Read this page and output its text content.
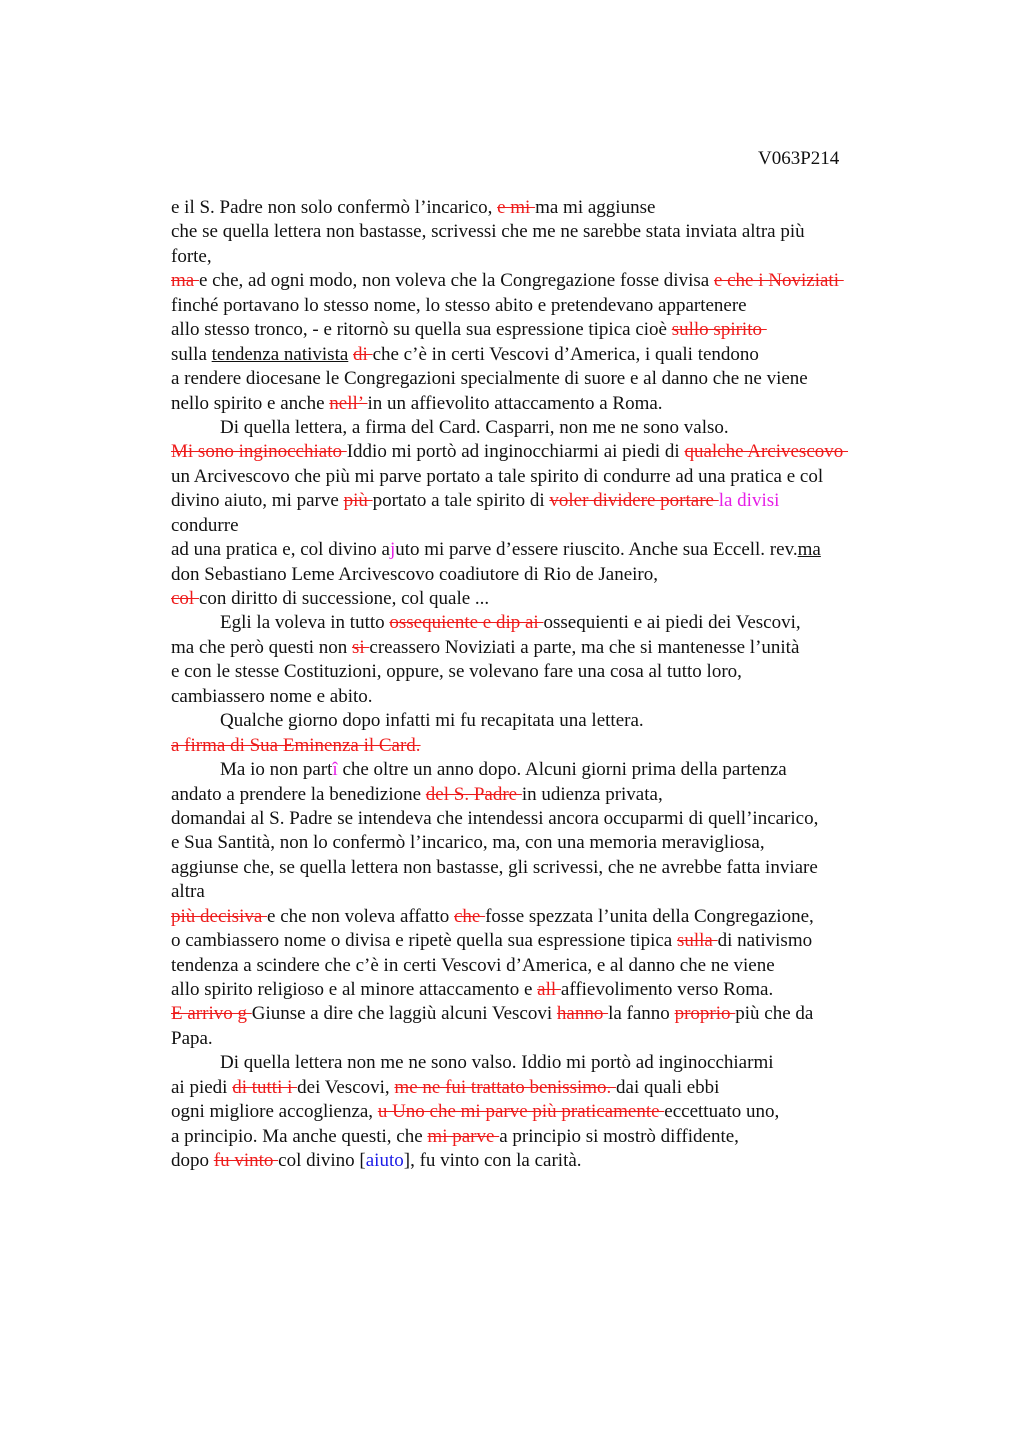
V063P214
e il S. Padre non solo confermò l’incarico, e mi ma mi aggiunse
che se quella lettera non bastasse, scrivessi che me ne sarebbe stata inviata altra più
forte,
ma e che, ad ogni modo, non voleva che la Congregazione fosse divisa e che i Noviziati
finché portavano lo stesso nome, lo stesso abito e pretendevano appartenere
allo stesso tronco, - e ritornò su quella sua espressione tipica cioè sullo spirito
sulla tendenza nativista di che c’è in certi Vescovi d’America, i quali tendono
a rendere diocesane le Congregazioni specialmente di suore e al danno che ne viene
nello spirito e anche nell’ in un affievolito attaccamento a Roma.
Di quella lettera, a firma del Card. Casparri, non me ne sono valso.
Mi sono inginocchiato Iddio mi portò ad inginocchiarmi ai piedi di qualche Arcivescovo
un Arcivescovo che più mi parve portato a tale spirito di condurre ad una pratica e col
divino aiuto, mi parve più portato a tale spirito di voler dividere portare la divisi
condurre
ad una pratica e, col divino ajuto mi parve d’essere riuscito. Anche sua Eccell. rev.ma
don Sebastiano Leme Arcivescovo coadiutore di Rio de Janeiro,
col con diritto di successione, col quale ...
Egli la voleva in tutto ossequiente e dip ai ossequienti e ai piedi dei Vescovi,
ma che però questi non si creassero Noviziati a parte, ma che si mantenesse l’unità
e con le stesse Costituzioni, oppure, se volevano fare una cosa al tutto loro,
cambiassero nome e abito.
Qualche giorno dopo infatti mi fu recapitata una lettera.
a firma di Sua Eminenza il Card.
Ma io non partî che oltre un anno dopo. Alcuni giorni prima della partenza
andato a prendere la benedizione del S. Padre in udienza privata,
domandai al S. Padre se intendeva che intendessi ancora occuparmi di quell’incarico,
e Sua Santità, non lo confermò l’incarico, ma, con una memoria meravigliosa,
aggiunse che, se quella lettera non bastasse, gli scrivessi, che ne avrebbe fatta inviare
altra
più decisiva e che non voleva affatto che fosse spezzata l’unita della Congregazione,
o cambiassero nome o divisa e ripetè quella sua espressione tipica sulla di nativismo
tendenza a scindere che c’è in certi Vescovi d’America, e al danno che ne viene
allo spirito religioso e al minore attaccamento e all affievolimento verso Roma.
E arrivo g Giunse a dire che laggiù alcuni Vescovi hanno la fanno proprio più che da
Papa.
Di quella lettera non me ne sono valso. Iddio mi portò ad inginocchiarmi
ai piedi di tutti i dei Vescovi, me ne fui trattato benissimo. dai quali ebbi
ogni migliore accoglienza, u Uno che mi parve più praticamente eccettuato uno,
a principio. Ma anche questi, che mi parve a principio si mostrò diffidente,
dopo fu vinto col divino [aiuto], fu vinto con la carità.
